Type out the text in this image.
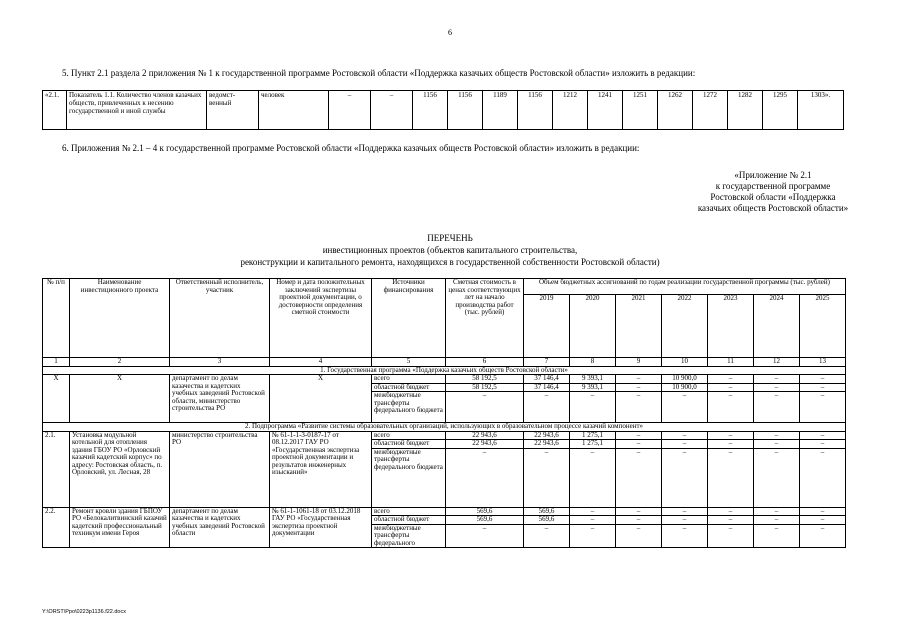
6
5. Пункт 2.1 раздела 2 приложения № 1 к государственной программе Ростовской области «Поддержка казачьих обществ Ростовской области» изложить в редакции:
«2.1.	Показатель 1.1. Количество членов казачьих обществ, привлеченных к несению государственной и иной службы	ведомст-венный	человек	–	–	1156	1156	1189	1156	1212	1241	1251	1262	1272	1282	1295	1303».
6. Приложения № 2.1 – 4 к государственной программе Ростовской области «Поддержка казачьих обществ Ростовской области» изложить в редакции:
«Приложение № 2.1
к государственной программе
Ростовской области «Поддержка
казачьих обществ Ростовской области»
ПЕРЕЧЕНЬ
инвестиционных проектов (объектов капитального строительства,
реконструкции и капитального ремонта, находящихся в государственной собственности Ростовской области)
№ п/п	Наименование инвестиционного проекта	Ответственный исполнитель, участник	Номер и дата положительных заключений экспертизы проектной документации, о достоверности определения сметной стоимости	Источники финансирования	Сметная стоимость в ценах соответствующих лет на начало производства работ (тыс. рублей)	Объем бюджетных ассигнований по годам реализации государственной программы (тыс. рублей)						
						2019	2020	2021	2022	2023	2024	2025
1	2	3	4	5	6	7	8	9	10	11	12	13
1. Государственная программа «Поддержка казачьих обществ Ростовской области»												
X	X	департамент по делам казачества и кадетских учебных заведений Ростовской области, министерство строительства РО	X	всего	58 192,5	37 146,4	9 393,1	–	10 900,0	–	–	–
				областной бюджет	58 192,5	37 146,4	9 393,1	–	10 900,0	–	–	–
				межбюджетные трансферты федерального бюджета	–	–	–	–	–	–	–	–
2. Подпрограмма «Развитие системы образовательных организаций, использующих в образовательном процессе казачий компонент»												
2.1.	Установка модульной котельной для отопления здания ГБОУ РО «Орловский казачий кадетский корпус» по адресу: Ростовская область, п. Орловский, ул. Лесная, 28	министерство строительства РО	№ 61-1-1-3-0187-17 от 08.12.2017 ГАУ РО «Государственная экспертиза проектной документации и результатов инженерных изысканий»	всего	22 943,6	22 943,6	1 275,1	–	–	–	–	–
				областной бюджет	22 943,6	22 943,6	1 275,1	–	–	–	–	–
				межбюджетные трансферты федерального бюджета	–	–	–	–	–	–	–	–
2.2.	Ремонт кровли здания ГБПОУ РО «Белокалитвинский казачий кадетский профессиональный техникум имени Героя	департамент по делам казачества и кадетских учебных заведений Ростовской области	№ 61-1-1061-18 от 03.12.2018 ГАУ РО «Государственная экспертиза проектной документации	всего	569,6	569,6	–	–	–	–	–	–
				областной бюджет	569,6	569,6	–	–	–	–	–	–
				межбюджетные трансферты федерального	–	–	–	–	–	–	–	–
Y:\ORST\Ppo\0223p1136.f22.docx
